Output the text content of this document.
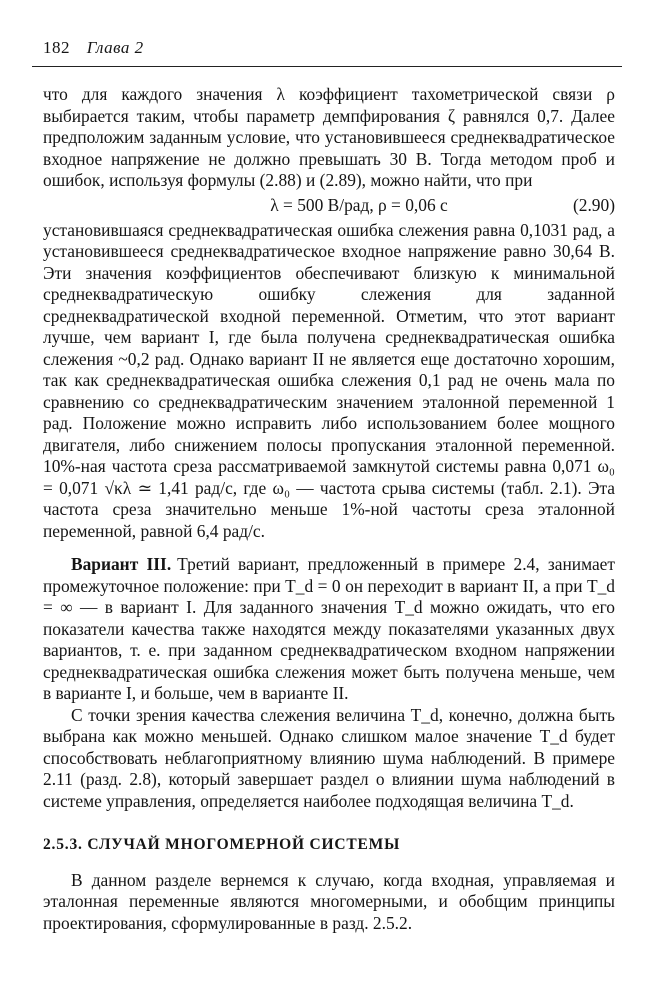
182 Глава 2

что для каждого значения λ коэффициент тахометрической связи ρ выбирается таким, чтобы параметр демпфирования ζ равнялся 0,7. Далее предположим заданным условие, что установившееся среднеквадратическое входное напряжение не должно превышать 30 В. Тогда методом проб и ошибок, используя формулы (2.88) и (2.89), можно найти, что при

λ = 500 В/рад, ρ = 0,06 с	(2.90)

установившаяся среднеквадратическая ошибка слежения равна 0,1031 рад, а установившееся среднеквадратическое входное напряжение равно 30,64 В. Эти значения коэффициентов обеспечивают близкую к минимальной среднеквадратическую ошибку слежения для заданной среднеквадратической входной переменной. Отметим, что этот вариант лучше, чем вариант I, где была получена среднеквадратическая ошибка слежения ~0,2 рад. Однако вариант II не является еще достаточно хорошим, так как среднеквадратическая ошибка слежения 0,1 рад не очень мала по сравнению со среднеквадратическим значением эталонной переменной 1 рад. Положение можно исправить либо использованием более мощного двигателя, либо снижением полосы пропускания эталонной переменной. 10%-ная частота среза рассматриваемой замкнутой системы равна 0,071 ω₀ = 0,071 √κλ ≃ 1,41 рад/с, где ω₀ — частота срыва системы (табл. 2.1). Эта частота среза значительно меньше 1%-ной частоты среза эталонной переменной, равной 6,4 рад/с.

Вариант III. Третий вариант, предложенный в примере 2.4, занимает промежуточное положение: при T_d = 0 он переходит в вариант II, а при T_d = ∞ — в вариант I. Для заданного значения T_d можно ожидать, что его показатели качества также находятся между показателями указанных двух вариантов, т. е. при заданном среднеквадратическом входном напряжении среднеквадратическая ошибка слежения может быть получена меньше, чем в варианте I, и больше, чем в варианте II.

С точки зрения качества слежения величина T_d, конечно, должна быть выбрана как можно меньшей. Однако слишком малое значение T_d будет способствовать неблагоприятному влиянию шума наблюдений. В примере 2.11 (разд. 2.8), который завершает раздел о влиянии шума наблюдений в системе управления, определяется наиболее подходящая величина T_d.

2.5.3. СЛУЧАЙ МНОГОМЕРНОЙ СИСТЕМЫ

В данном разделе вернемся к случаю, когда входная, управляемая и эталонная переменные являются многомерными, и обобщим принципы проектирования, сформулированные в разд. 2.5.2.
